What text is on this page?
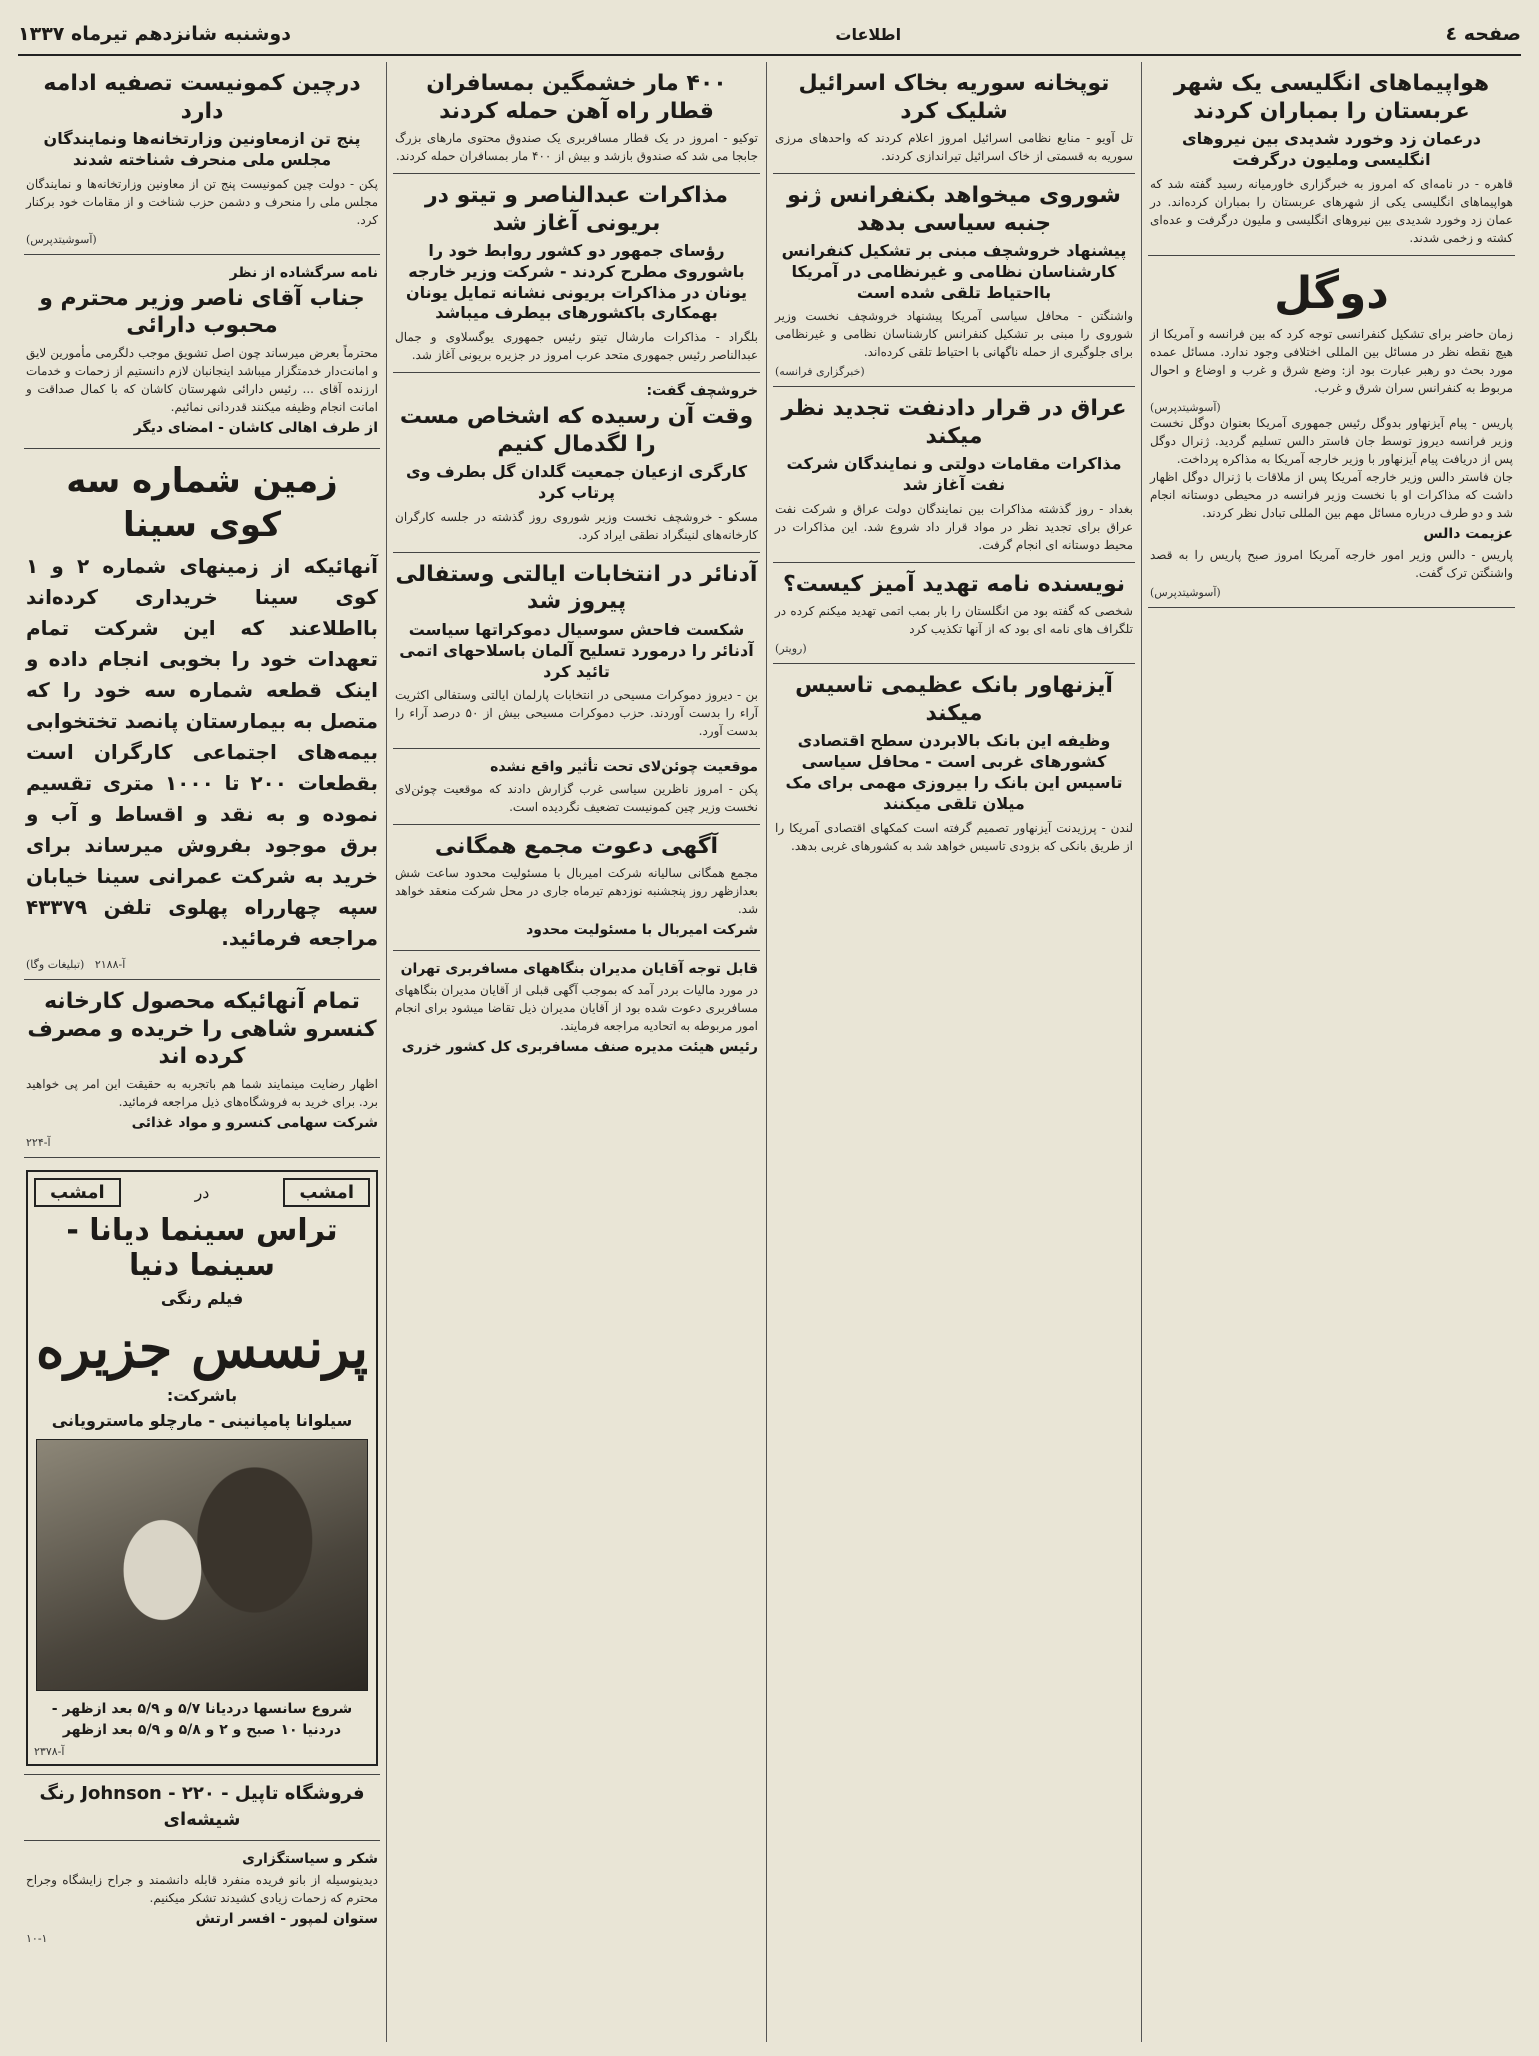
صفحه ٤
اطلاعات
دوشنبه شانزدهم تیرماه ۱۳۳۷
هواپیماهای انگلیسی یک شهر عربستان را بمباران کردند
درعمان زد وخورد شدیدی بین نیروهای انگلیسی وملیون درگرفت
قاهره - در نامه‌ای که امروز به خبرگزاری خاورمیانه رسید گفته شد که هواپیماهای انگلیسی یکی از شهرهای عربستان را بمباران کرده‌اند. در عمان زد وخورد شدیدی بین نیروهای انگلیسی و ملیون درگرفت و عده‌ای کشته و زخمی شدند.
دوگل
زمان حاضر برای تشکیل کنفرانسی توجه کرد که بین فرانسه و آمریکا از هیچ نقطه نظر در مسائل بین المللی اختلافی وجود ندارد. مسائل عمده مورد بحث دو رهبر عبارت بود از: وضع شرق و غرب و اوضاع و احوال مربوط به کنفرانس سران شرق و غرب.
(آسوشیتدپرس)
پاریس - پیام آیزنهاور بدوگل رئیس جمهوری آمریکا بعنوان دوگل نخست وزیر فرانسه دیروز توسط جان فاستر دالس تسلیم گردید. ژنرال دوگل پس از دریافت پیام آیزنهاور با وزیر خارجه آمریکا به مذاکره پرداخت.
جان فاستر دالس وزیر خارجه آمریکا پس از ملاقات با ژنرال دوگل اظهار داشت که مذاکرات او با نخست وزیر فرانسه در محیطی دوستانه انجام شد و دو طرف درباره مسائل مهم بین المللی تبادل نظر کردند.
عزیمت دالس
پاریس - دالس وزیر امور خارجه آمریکا امروز صبح پاریس را به قصد واشنگتن ترک گفت.
(آسوشیتدپرس)
توپخانه سوریه بخاک اسرائیل شلیک کرد
تل آویو - منابع نظامی اسرائیل امروز اعلام کردند که واحدهای مرزی سوریه به قسمتی از خاک اسرائیل تیراندازی کردند.
شوروی میخواهد بکنفرانس ژنو جنبه سیاسی بدهد
پیشنهاد خروشچف مبنی بر تشکیل کنفرانس کارشناسان نظامی و غیرنظامی در آمریکا بااحتیاط تلقی شده است
واشنگتن - محافل سیاسی آمریکا پیشنهاد خروشچف نخست وزیر شوروی را مبنی بر تشکیل کنفرانس کارشناسان نظامی و غیرنظامی برای جلوگیری از حمله ناگهانی با احتیاط تلقی کرده‌اند.
(خبرگزاری فرانسه)
عراق در قرار دادنفت تجدید نظر میکند
مذاکرات مقامات دولتی و نمایندگان شرکت نفت آغاز شد
بغداد - روز گذشته مذاکرات بین نمایندگان دولت عراق و شرکت نفت عراق برای تجدید نظر در مواد قرار داد شروع شد. این مذاکرات در محیط دوستانه ای انجام گرفت.
نویسنده نامه تهدید آمیز کیست؟
شخصی که گفته بود من انگلستان را بار بمب اتمی تهدید میکنم کرده در تلگراف های نامه ای بود که از آنها تکذیب کرد
(رویتر)
آیزنهاور بانک عظیمی تاسیس میکند
وظیفه این بانک بالابردن سطح اقتصادی کشورهای غربی است - محافل سیاسی تاسیس این بانک را بیروزی مهمی برای مک میلان تلقی میکنند
لندن - پرزیدنت آیزنهاور تصمیم گرفته است کمکهای اقتصادی آمریکا را از طریق بانکی که بزودی تاسیس خواهد شد به کشورهای غربی بدهد.
۴۰۰ مار خشمگین بمسافران قطار راه آهن حمله کردند
توکیو - امروز در یک قطار مسافربری یک صندوق محتوی مارهای بزرگ جابجا می شد که صندوق بازشد و بیش از ۴۰۰ مار بمسافران حمله کردند.
مذاکرات عبدالناصر و تیتو در بریونی آغاز شد
رؤسای جمهور دو کشور روابط خود را باشوروی مطرح کردند - شرکت وزیر خارجه یونان در مذاکرات بریونی نشانه تمایل یونان بهمکاری باکشورهای بیطرف میباشد
بلگراد - مذاکرات مارشال تیتو رئیس جمهوری یوگسلاوی و جمال عبدالناصر رئیس جمهوری متحد عرب امروز در جزیره بریونی آغاز شد.
خروشچف گفت:
وقت آن رسیده که اشخاص مست را لگدمال کنیم
کارگری ازعیان جمعیت گلدان گل بطرف وی پرتاب کرد
مسکو - خروشچف نخست وزیر شوروی روز گذشته در جلسه کارگران کارخانه‌های لنینگراد نطقی ایراد کرد.
آدنائر در انتخابات ایالتی وستفالی پیروز شد
شکست فاحش سوسیال دموکراتها سیاست آدنائر را درمورد تسلیح آلمان باسلاحهای اتمی تائید کرد
بن - دیروز دموکرات مسیحی در انتخابات پارلمان ایالتی وستفالی اکثریت آراء را بدست آوردند. حزب دموکرات مسیحی بیش از ۵۰ درصد آراء را بدست آورد.
موقعیت چوئن‌لای تحت تأثیر واقع نشده
پکن - امروز ناظرین سیاسی غرب گزارش دادند که موقعیت چوئن‌لای نخست وزیر چین کمونیست تضعیف نگردیده است.
آگهی دعوت مجمع همگانی
مجمع همگانی سالیانه شرکت امیربال با مسئولیت محدود ساعت شش بعدازظهر روز پنجشنبه نوزدهم تیرماه جاری در محل شرکت منعقد خواهد شد.
شرکت امیربال با مسئولیت محدود
قابل توجه آقایان مدیران بنگاههای مسافربری تهران
در مورد مالیات بردر آمد که بموجب آگهی قبلی از آقایان مدیران بنگاههای مسافربری دعوت شده بود از آقایان مدیران ذیل تقاضا میشود برای انجام امور مربوطه به اتحادیه مراجعه فرمایند.
رئیس هیئت مدیره صنف مسافربری کل کشور خزری
درچین کمونیست تصفیه ادامه دارد
پنج تن ازمعاونین وزارتخانه‌ها ونمایندگان مجلس ملی منحرف شناخته شدند
پکن - دولت چین کمونیست پنج تن از معاونین وزارتخانه‌ها و نمایندگان مجلس ملی را منحرف و دشمن حزب شناخت و از مقامات خود برکنار کرد.
(آسوشیتدپرس)
نامه سرگشاده از نظر
جناب آقای ناصر وزیر محترم و محبوب دارائی
محترماً بعرض میرساند چون اصل تشویق موجب دلگرمی مأمورین لایق و امانت‌دار خدمتگزار میباشد اینجانبان لازم دانستیم از زحمات و خدمات ارزنده آقای ... رئیس دارائی شهرستان کاشان که با کمال صداقت و امانت انجام وظیفه میکنند قدردانی نمائیم.
از طرف اهالی کاشان - امضای دیگر
زمین شماره سه کوی سینا
آنهائیکه از زمینهای شماره ۲ و ۱ کوی سینا خریداری کرده‌اند بااطلاعند که این شرکت تمام تعهدات خود را بخوبی انجام داده و اینک قطعه شماره سه خود را که متصل به بیمارستان پانصد تختخوابی بیمه‌های اجتماعی کارگران است بقطعات ۲۰۰ تا ۱۰۰۰ متری تقسیم نموده و به نقد و اقساط و آب و برق موجود بفروش میرساند برای خرید به شرکت عمرانی سینا خیابان سپه چهارراه پهلوی تلفن ۴۳۳۷۹ مراجعه فرمائید.
آ-۲۱۸۸   (تبلیغات وگا)
تمام آنهائیکه محصول کارخانه کنسرو شاهی را خریده و مصرف کرده اند
اظهار رضایت مینمایند شما هم باتجربه به حقیقت این امر پی خواهید برد. برای خرید به فروشگاه‌های ذیل مراجعه فرمائید.
شرکت سهامی کنسرو و مواد غذائی
آ-۲۲۴
امشب
در
امشب
تراس سینما دیانا - سینما دنیا
فیلم رنگی
پرنسس جزیره
باشرکت:
سیلوانا پامپانینی - مارچلو ماسترویانی
شروع سانسها دردیانا ۵/۷ و ۵/۹ بعد ازظهر - دردنیا ۱۰ صبح و ۲ و ۵/۸ و ۵/۹ بعد ازظهر
آ-۲۳۷۸
فروشگاه تاپیل - Johnson - ۲۲۰ رنگ شیشه‌ای
شکر و سیاستگزاری
دیدینوسیله از بانو فریده منفرد قابله دانشمند و جراح زایشگاه وجراح محترم که زحمات زیادی کشیدند تشکر میکنیم.
ستوان لمپور - افسر ارتش
۱۰-۱
